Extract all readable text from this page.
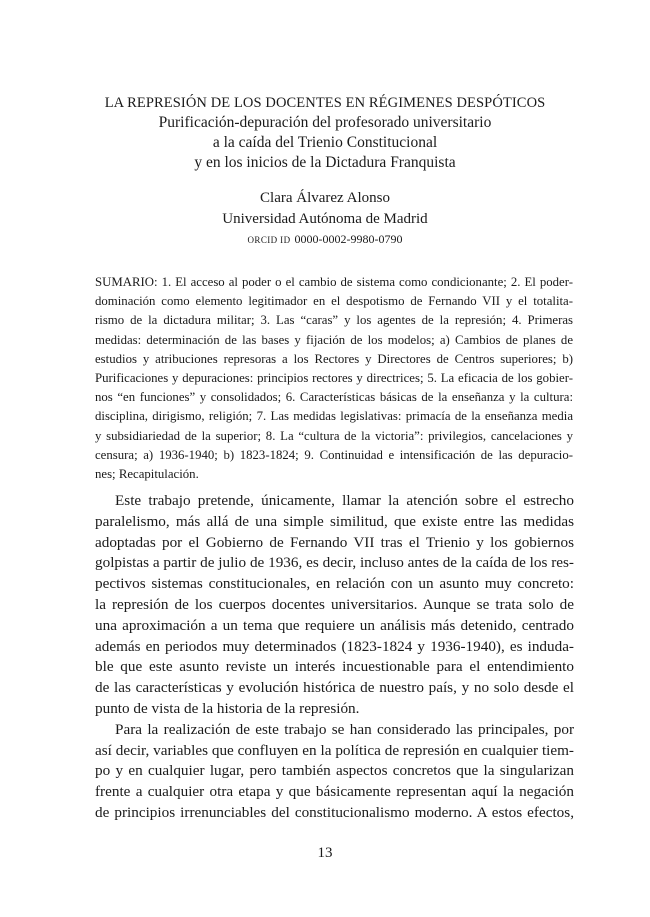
LA REPRESIÓN DE LOS DOCENTES EN RÉGIMENES DESPÓTICOS
Purificación-depuración del profesorado universitario
a la caída del Trienio Constitucional
y en los inicios de la Dictadura Franquista
Clara Álvarez Alonso
Universidad Autónoma de Madrid
ORCID ID 0000-0002-9980-0790
SUMARIO: 1. El acceso al poder o el cambio de sistema como condicionante; 2. El poder-
dominación como elemento legitimador en el despotismo de Fernando VII y el totalita-
rismo de la dictadura militar; 3. Las “caras” y los agentes de la represión; 4. Primeras
medidas: determinación de las bases y fijación de los modelos; a) Cambios de planes de
estudios y atribuciones represoras a los Rectores y Directores de Centros superiores; b)
Purificaciones y depuraciones: principios rectores y directrices; 5. La eficacia de los gobier-
nos “en funciones” y consolidados; 6. Características básicas de la enseñanza y la cultura:
disciplina, dirigismo, religión; 7. Las medidas legislativas: primacía de la enseñanza media
y subsidiariedad de la superior; 8. La “cultura de la victoria”: privilegios, cancelaciones y
censura; a) 1936-1940; b) 1823-1824; 9. Continuidad e intensificación de las depuracio-
nes; Recapitulación.
Este trabajo pretende, únicamente, llamar la atención sobre el estrecho
paralelismo, más allá de una simple similitud, que existe entre las medidas
adoptadas por el Gobierno de Fernando VII tras el Trienio y los gobiernos
golpistas a partir de julio de 1936, es decir, incluso antes de la caída de los res-
pectivos sistemas constitucionales, en relación con un asunto muy concreto:
la represión de los cuerpos docentes universitarios. Aunque se trata solo de
una aproximación a un tema que requiere un análisis más detenido, centrado
además en periodos muy determinados (1823-1824 y 1936-1940), es induda-
ble que este asunto reviste un interés incuestionable para el entendimiento
de las características y evolución histórica de nuestro país, y no solo desde el
punto de vista de la historia de la represión.
Para la realización de este trabajo se han considerado las principales, por
así decir, variables que confluyen en la política de represión en cualquier tiem-
po y en cualquier lugar, pero también aspectos concretos que la singularizan
frente a cualquier otra etapa y que básicamente representan aquí la negación
de principios irrenunciables del constitucionalismo moderno. A estos efectos,
13
